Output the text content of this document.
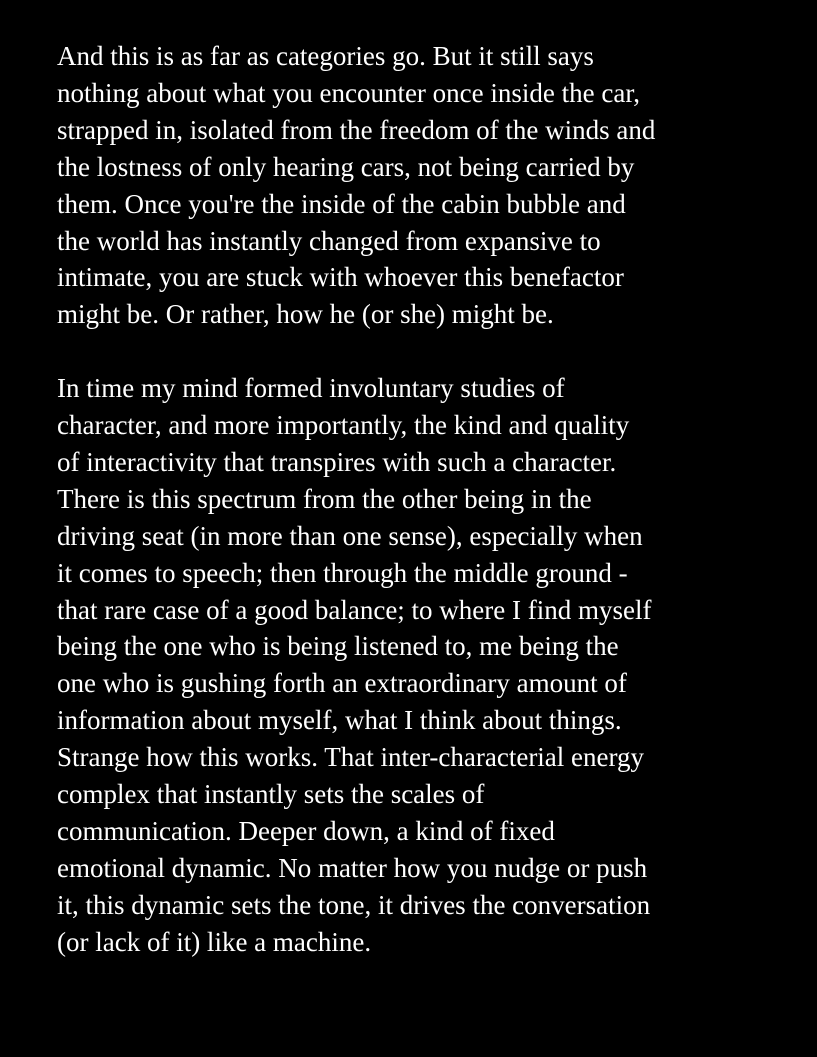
And this is as far as categories go. But it still says
nothing about what you encounter once inside the car,
strapped in, isolated from the freedom of the winds and
the lostness of only hearing cars, not being carried by
them. Once you're the inside of the cabin bubble and
the world has instantly changed from expansive to
intimate, you are stuck with whoever this benefactor
might be. Or rather, how he (or she) might be.

In time my mind formed involuntary studies of
character, and more importantly, the kind and quality
of interactivity that transpires with such a character.
There is this spectrum from the other being in the
driving seat (in more than one sense), especially when
it comes to speech; then through the middle ground -
that rare case of a good balance; to where I find myself
being the one who is being listened to, me being the
one who is gushing forth an extraordinary amount of
information about myself, what I think about things.
Strange how this works. That inter-characterial energy
complex that instantly sets the scales of
communication. Deeper down, a kind of fixed
emotional dynamic. No matter how you nudge or push
it, this dynamic sets the tone, it drives the conversation
(or lack of it) like a machine.
